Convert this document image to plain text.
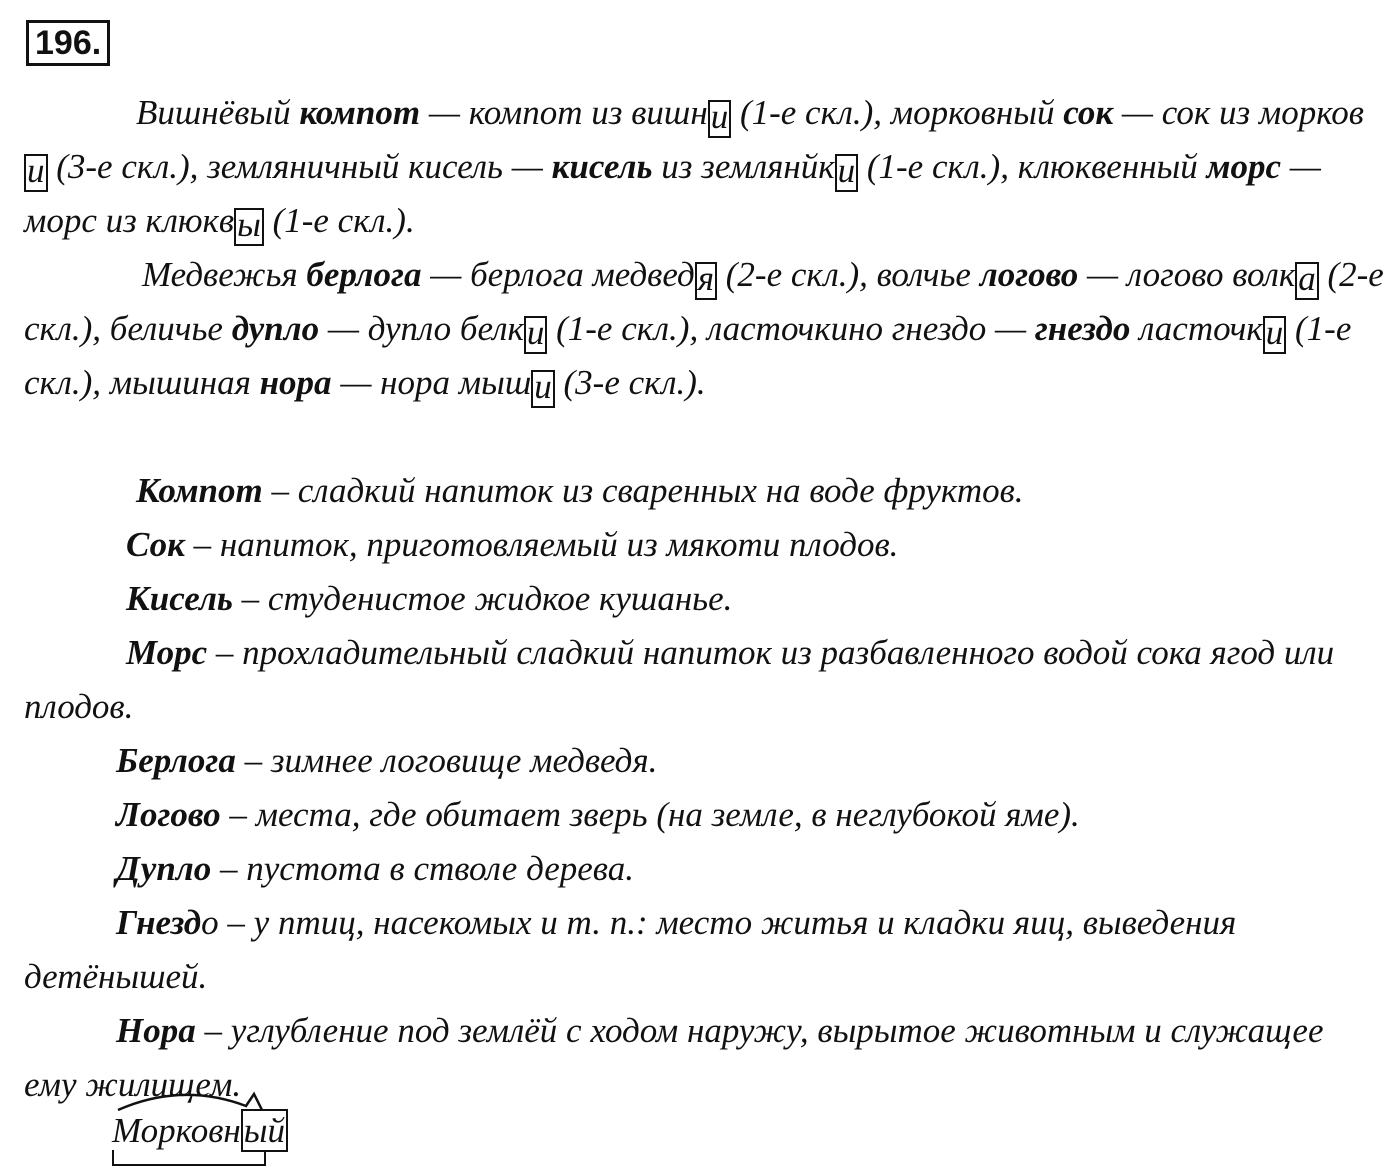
196.

Вишнёвый компот — компот из вишни (1-е скл.), морковный сок — сок из моркови (3-е скл.), земляничный кисель — кисель из землянйки (1-е скл.), клюквенный морс — морс из клюквы (1-е скл.).

Медвежья берлога — берлога медведя (2-е скл.), волчье логово — логово волка (2-е скл.), беличье дупло — дупло белки (1-е скл.), ласточкино гнездо — гнездо ласточки (1-е скл.), мышиная нора — нора мыши (3-е скл.).

Компот – сладкий напиток из сваренных на воде фруктов.

Сок – напиток, приготовляемый из мякоти плодов.

Кисель – студенистое жидкое кушанье.

Морс – прохладительный сладкий напиток из разбавленного водой сока ягод или плодов.

Берлога – зимнее логовище медведя.

Логово – места, где обитает зверь (на земле, в неглубокой яме).

Дупло – пустота в стволе дерева.

Гнездо – у птиц, насекомых и т. п.: место житья и кладки яиц, выведения детёнышей.

Нора – углубление под землёй с ходом наружу, вырытое животным и служащее ему жилищем.

Морковный
